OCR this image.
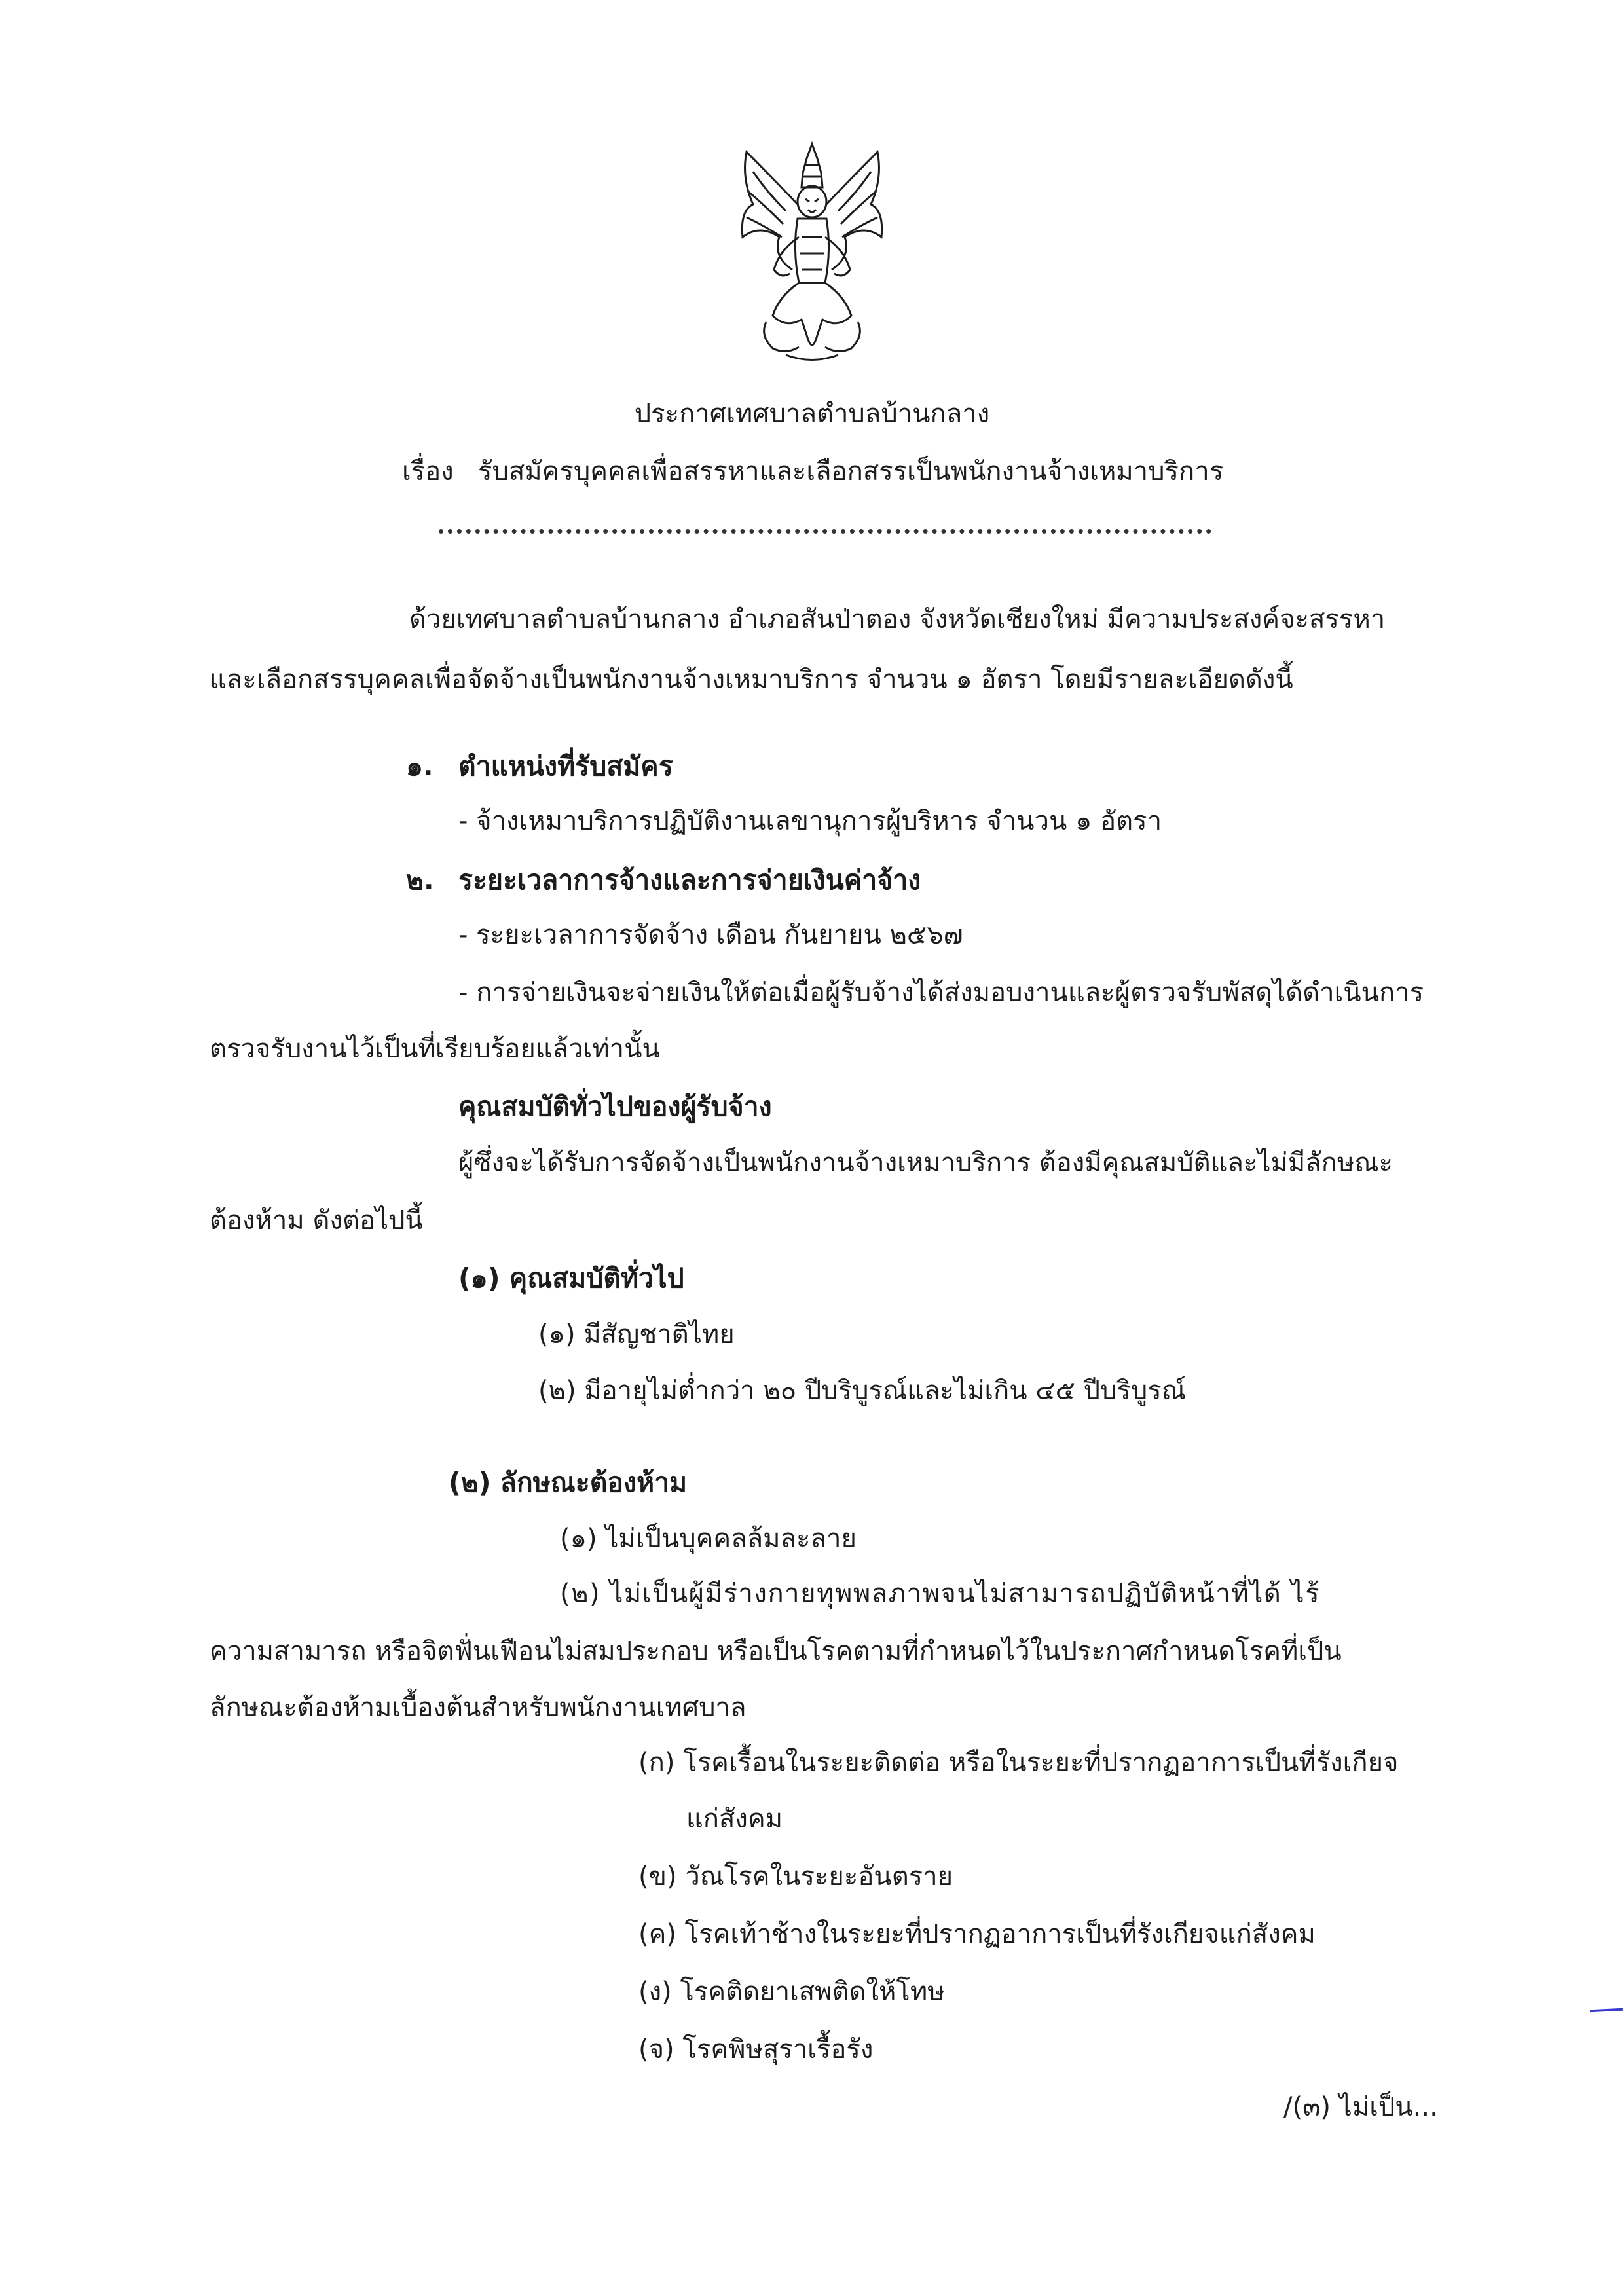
ประกาศเทศบาลตำบลบ้านกลาง
เรื่อง รับสมัครบุคคลเพื่อสรรหาและเลือกสรรเป็นพนักงานจ้างเหมาบริการ
ด้วยเทศบาลตำบลบ้านกลาง อำเภอสันป่าตอง จังหวัดเชียงใหม่ มีความประสงค์จะสรรหา
และเลือกสรรบุคคลเพื่อจัดจ้างเป็นพนักงานจ้างเหมาบริการ จำนวน ๑ อัตรา โดยมีรายละเอียดดังนี้
๑. ตำแหน่งที่รับสมัคร
- จ้างเหมาบริการปฏิบัติงานเลขานุการผู้บริหาร จำนวน ๑ อัตรา
๒. ระยะเวลาการจ้างและการจ่ายเงินค่าจ้าง
- ระยะเวลาการจัดจ้าง เดือน กันยายน ๒๕๖๗
- การจ่ายเงินจะจ่ายเงินให้ต่อเมื่อผู้รับจ้างได้ส่งมอบงานและผู้ตรวจรับพัสดุได้ดำเนินการ
ตรวจรับงานไว้เป็นที่เรียบร้อยแล้วเท่านั้น
คุณสมบัติทั่วไปของผู้รับจ้าง
ผู้ซึ่งจะได้รับการจัดจ้างเป็นพนักงานจ้างเหมาบริการ ต้องมีคุณสมบัติและไม่มีลักษณะ
ต้องห้าม ดังต่อไปนี้
(๑) คุณสมบัติทั่วไป
(๑) มีสัญชาติไทย
(๒) มีอายุไม่ต่ำกว่า ๒๐ ปีบริบูรณ์และไม่เกิน ๔๕ ปีบริบูรณ์
(๒) ลักษณะต้องห้าม
(๑) ไม่เป็นบุคคลล้มละลาย
(๒) ไม่เป็นผู้มีร่างกายทุพพลภาพจนไม่สามารถปฏิบัติหน้าที่ได้ ไร้
ความสามารถ หรือจิตฟั่นเฟือนไม่สมประกอบ หรือเป็นโรคตามที่กำหนดไว้ในประกาศกำหนดโรคที่เป็น
ลักษณะต้องห้ามเบื้องต้นสำหรับพนักงานเทศบาล
(ก) โรคเรื้อนในระยะติดต่อ หรือในระยะที่ปรากฏอาการเป็นที่รังเกียจ
แก่สังคม
(ข) วัณโรคในระยะอันตราย
(ค) โรคเท้าช้างในระยะที่ปรากฏอาการเป็นที่รังเกียจแก่สังคม
(ง) โรคติดยาเสพติดให้โทษ
(จ) โรคพิษสุราเรื้อรัง
/(๓) ไม่เป็น...
